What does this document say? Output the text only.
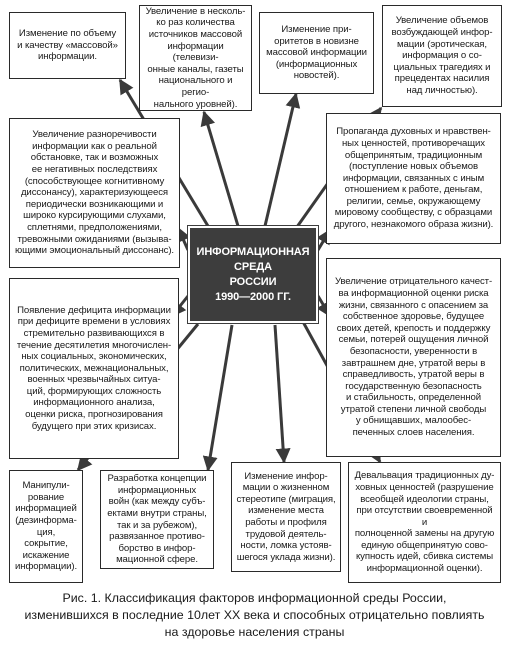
Изменение по объему
и качеству «массовой»
информации.
Увеличение в несколь-
ко раз количества
источников массовой
информации (телевизи-
онные каналы, газеты
национального и регио-
нального уровней).
Изменение при-
оритетов в новизне
массовой информации
(информационных
новостей).
Увеличение объемов
возбуждающей инфор-
мации (эротическая,
информация о со-
циальных трагедиях и
прецедентах насилия
над личностью).
Увеличение разноречивости
информации как о реальной
обстановке, так и возможных
ее негативных последствиях
(способствующее когнитивному
диссонансу), характеризующееся
периодически возникающими и
широко курсирующими слухами,
сплетнями, предположениями,
тревожными ожиданиями (вызыва-
ющими эмоциональный диссонанс).
Пропаганда духовных и нравствен-
ных ценностей, противоречащих
общепринятым, традиционным
(поступление новых объемов
информации, связанных с иным
отношением к работе, деньгам,
религии, семье, окружающему
мировому сообществу, с образцами
другого, незнакомого образа жизни).
ИНФОРМАЦИОННАЯ
СРЕДА
РОССИИ
1990—2000 ГГ.
Появление дефицита информации
при дефиците времени в условиях
стремительно развивающихся в
течение десятилетия многочислен-
ных социальных, экономических,
политических, межнациональных,
военных чрезвычайных ситуа-
ций, формирующих сложность
информационного анализа,
оценки риска, прогнозирования
будущего при этих кризисах.
Увеличение отрицательного качест-
ва информационной оценки риска
жизни, связанного с опасением за
собственное здоровье, будущее
своих детей, крепость и поддержку
семьи, потерей ощущения личной
безопасности, уверенности в
завтрашнем дне, утратой веры в
справедливость, утратой веры в
государственную безопасность
и стабильность, определенной
утратой степени личной свободы
у обнищавших, малообес-
печенных слоев населения.
Манипули-
рование
информацией
(дезинформа-
ция, сокрытие,
искажение
информации).
Разработка концепции
информационных
войн (как между субъ-
ектами внутри страны,
так и за рубежом),
развязанное противо-
борство в инфор-
мационной сфере.
Изменение инфор-
мации о жизненном
стереотипе (миграция,
изменение места
работы и профиля
трудовой деятель-
ности, ломка устояв-
шегося уклада жизни).
Девальвация традиционных ду-
ховных ценностей (разрушение
всеобщей идеологии страны,
при отсутствии своевременной и
полноценной замены на другую
единую общепринятую сово-
купность идей, сбивка системы
информационной оценки).
Рис. 1. Классификация факторов информационной среды России,
изменившихся в последние 10лет XX века и способных отрицательно повлиять
на здоровье населения страны
